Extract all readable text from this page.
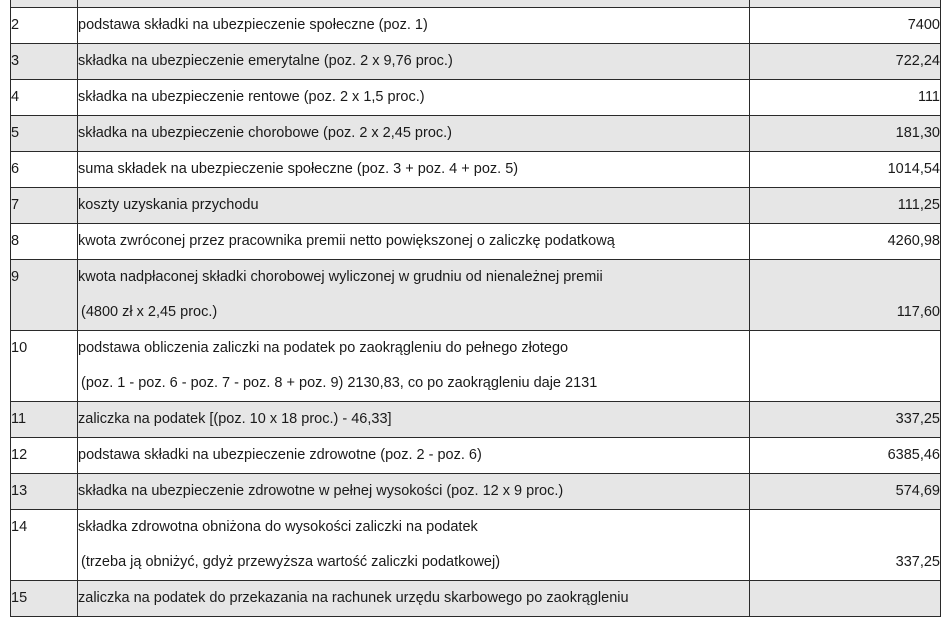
2	podstawa składki na ubezpieczenie społeczne (poz. 1)	7400

3	składka na ubezpieczenie emerytalne (poz. 2 x 9,76 proc.)	722,24

4	składka na ubezpieczenie rentowe (poz. 2 x 1,5 proc.)	111

5	składka na ubezpieczenie chorobowe (poz. 2 x 2,45 proc.)	181,30

6	suma składek na ubezpieczenie społeczne (poz. 3 + poz. 4 + poz. 5)	1014,54

7	koszty uzyskania przychodu	111,25

8	kwota zwróconej przez pracownika premii netto powiększonej o zaliczkę podatkową	4260,98

9	kwota nadpłaconej składki chorobowej wyliczonej w grudniu od nienależnej premii
(4800 zł x 2,45 proc.)	117,60

10	podstawa obliczenia zaliczki na podatek po zaokrągleniu do pełnego złotego
(poz. 1 - poz. 6 - poz. 7 - poz. 8 + poz. 9) 2130,83, co po zaokrągleniu daje 2131	

11	zaliczka na podatek [(poz. 10 x 18 proc.) - 46,33]	337,25

12	podstawa składki na ubezpieczenie zdrowotne (poz. 2 - poz. 6)	6385,46

13	składka na ubezpieczenie zdrowotne w pełnej wysokości (poz. 12 x 9 proc.)	574,69

14	składka zdrowotna obniżona do wysokości zaliczki na podatek
(trzeba ją obniżyć, gdyż przewyższa wartość zaliczki podatkowej)	337,25

15	zaliczka na podatek do przekazania na rachunek urzędu skarbowego po zaokrągleniu	
